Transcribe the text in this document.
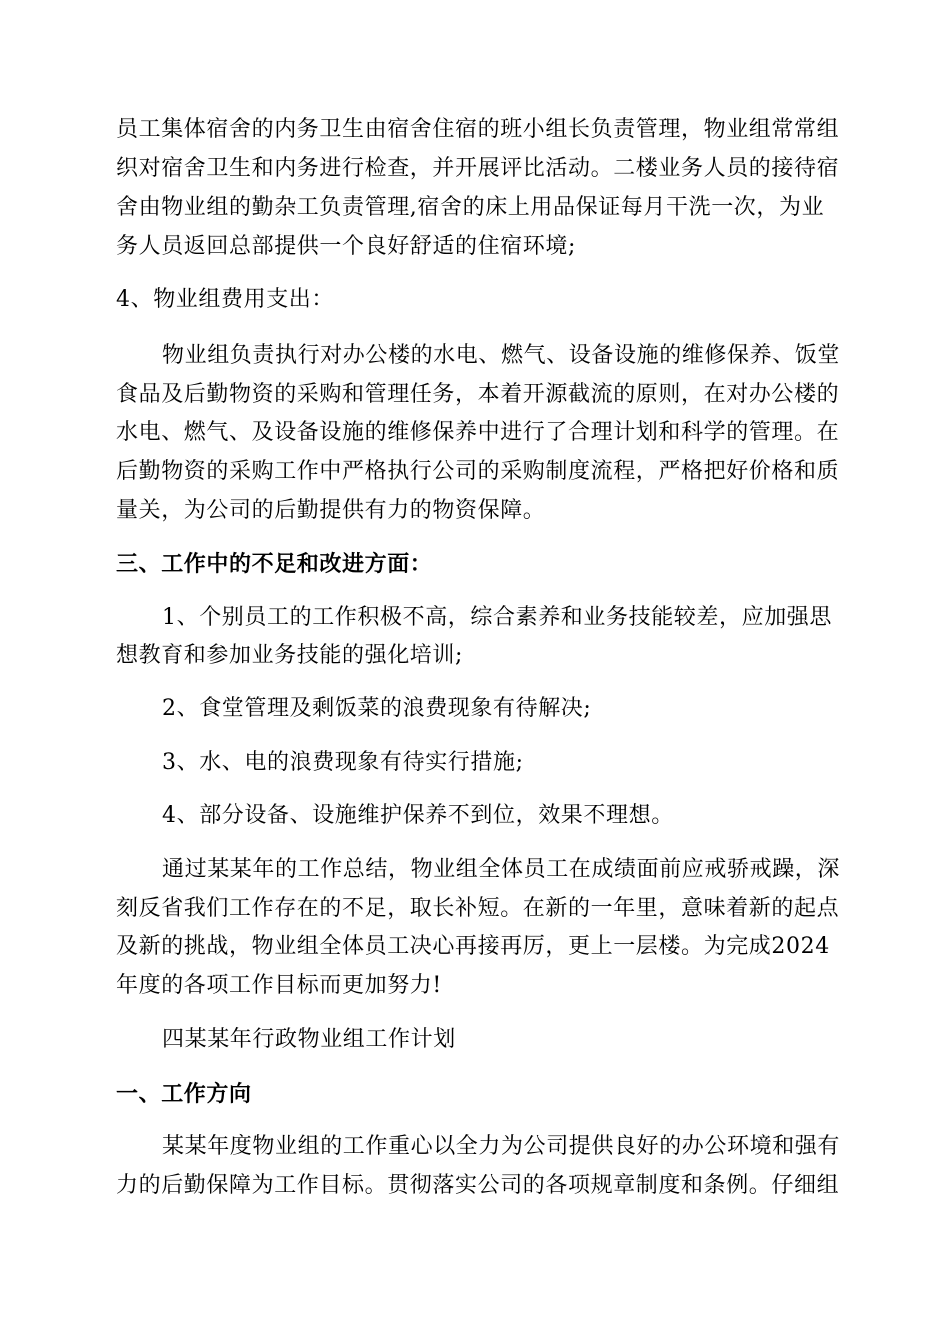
员工集体宿舍的内务卫生由宿舍住宿的班小组长负责管理，物业组常常组
织对宿舍卫生和内务进行检查，并开展评比活动。二楼业务人员的接待宿
舍由物业组的勤杂工负责管理,宿舍的床上用品保证每月干洗一次，为业
务人员返回总部提供一个良好舒适的住宿环境;
4、物业组费用支出：
物业组负责执行对办公楼的水电、燃气、设备设施的维修保养、饭堂
食品及后勤物资的采购和管理任务，本着开源截流的原则，在对办公楼的
水电、燃气、及设备设施的维修保养中进行了合理计划和科学的管理。在
后勤物资的采购工作中严格执行公司的采购制度流程，严格把好价格和质
量关，为公司的后勤提供有力的物资保障。
三、工作中的不足和改进方面：
1、个别员工的工作积极不高，综合素养和业务技能较差，应加强思
想教育和参加业务技能的强化培训;
2、食堂管理及剩饭菜的浪费现象有待解决;
3、水、电的浪费现象有待实行措施;
4、部分设备、设施维护保养不到位，效果不理想。
通过某某年的工作总结，物业组全体员工在成绩面前应戒骄戒躁，深
刻反省我们工作存在的不足，取长补短。在新的一年里，意味着新的起点
及新的挑战，物业组全体员工决心再接再厉，更上一层楼。为完成2024
年度的各项工作目标而更加努力!
四某某年行政物业组工作计划
一、工作方向
某某年度物业组的工作重心以全力为公司提供良好的办公环境和强有
力的后勤保障为工作目标。贯彻落实公司的各项规章制度和条例。仔细组
